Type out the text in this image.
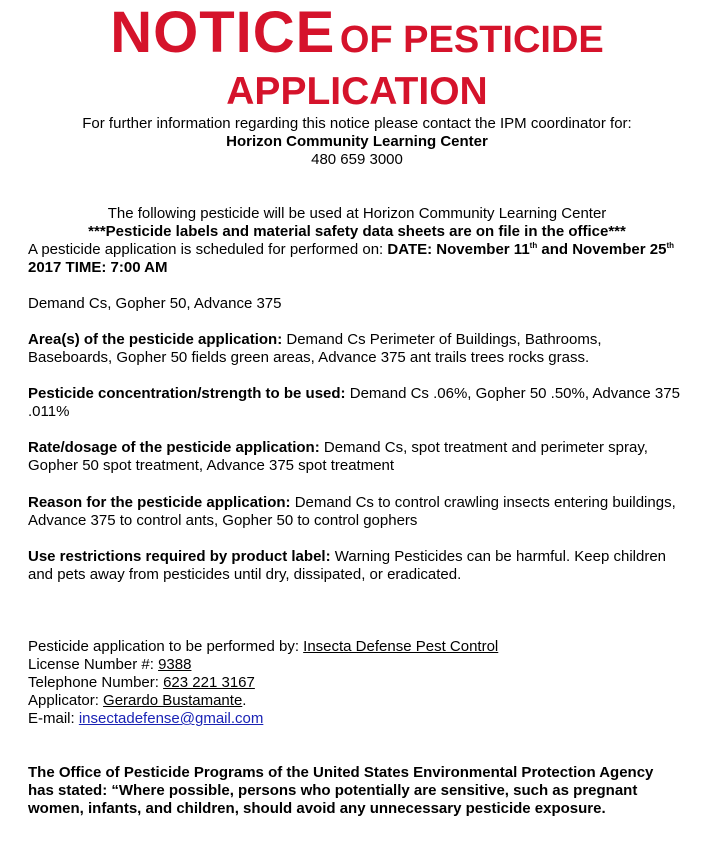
NOTICE OF PESTICIDE
APPLICATION
For further information regarding this notice please contact the IPM coordinator for:
Horizon Community Learning Center
480 659 3000
The following pesticide will be used at Horizon Community Learning Center
***Pesticide labels and material safety data sheets are on file in the office***
A pesticide application is scheduled for performed on: DATE: November 11th and November 25th 2017 TIME: 7:00 AM
Demand Cs, Gopher 50, Advance 375
Area(s) of the pesticide application: Demand Cs Perimeter of Buildings, Bathrooms, Baseboards, Gopher 50 fields green areas, Advance 375 ant trails trees rocks grass.
Pesticide concentration/strength to be used: Demand Cs .06%, Gopher 50 .50%, Advance 375 .011%
Rate/dosage of the pesticide application: Demand Cs, spot treatment and perimeter spray, Gopher 50 spot treatment, Advance 375 spot treatment
Reason for the pesticide application: Demand Cs to control crawling insects entering buildings, Advance 375 to control ants, Gopher 50 to control gophers
Use restrictions required by product label: Warning Pesticides can be harmful. Keep children and pets away from pesticides until dry, dissipated, or eradicated.
Pesticide application to be performed by: Insecta Defense Pest Control
License Number #: 9388
Telephone Number: 623 221 3167
Applicator: Gerardo Bustamante.
E-mail: insectadefense@gmail.com
The Office of Pesticide Programs of the United States Environmental Protection Agency has stated: “Where possible, persons who potentially are sensitive, such as pregnant women, infants, and children, should avoid any unnecessary pesticide exposure.
